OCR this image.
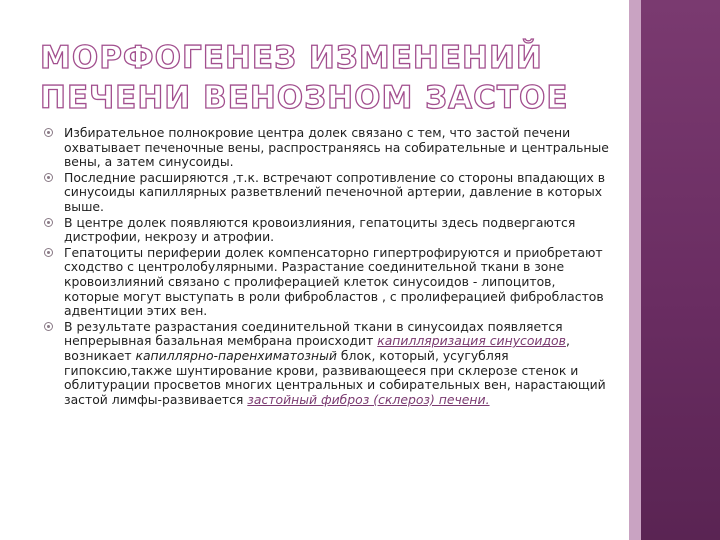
МОРФОГЕНЕЗ ИЗМЕНЕНИЙ ПЕЧЕНИ ВЕНОЗНОМ ЗАСТОЕ
Избирательное полнокровие центра долек связано с тем, что застой печени охватывает печеночные вены, распространяясь на собирательные и центральные вены, а затем синусоиды.
Последние расширяются ,т.к. встречают сопротивление со стороны впадающих в синусоиды капиллярных разветвлений печеночной артерии, давление в которых выше.
В центре долек появляются кровоизлияния, гепатоциты здесь подвергаются дистрофии, некрозу и атрофии.
Гепатоциты периферии долек компенсаторно гипертрофируются и приобретают сходство с центролобулярными. Разрастание соединительной ткани в зоне кровоизлияний связано с пролиферацией клеток синусоидов - липоцитов, которые могут выступать в роли фибробластов , с пролиферацией фибробластов адвентиции этих вен.
В результате разрастания соединительной ткани в синусоидах появляется непрерывная базальная мембрана происходит капилляризация синусоидов, возникает капиллярно-паренхиматозный блок, который, усугубляя гипоксию,также шунтирование крови, развивающееся при склерозе стенок и облитурации просветов многих центральных и собирательных вен, нарастающий застой лимфы-развивается застойный фиброз (склероз) печени.
